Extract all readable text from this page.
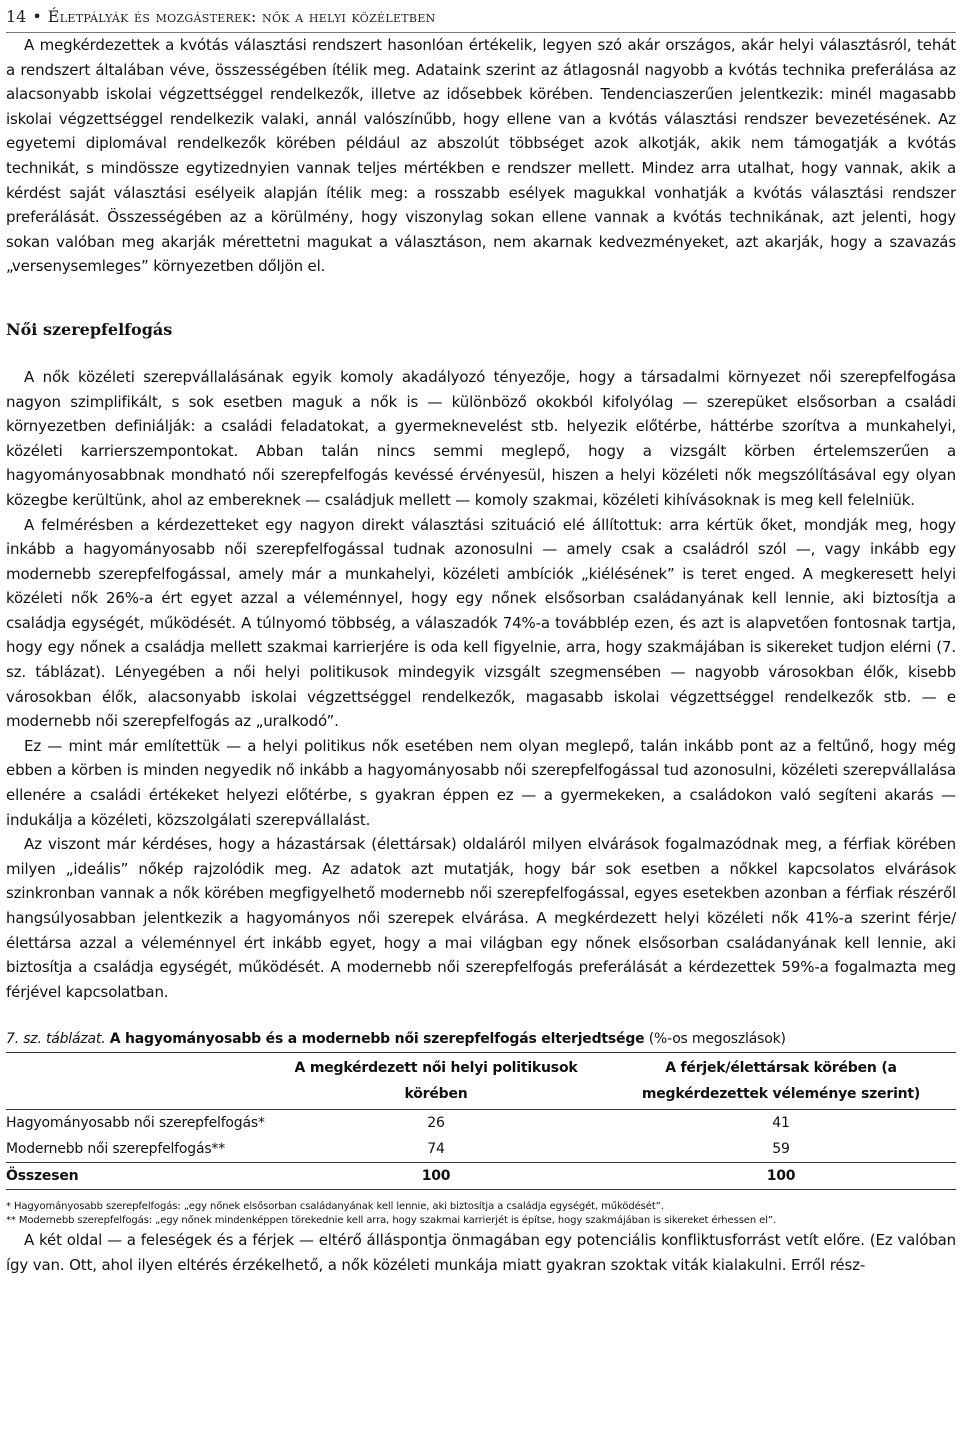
14 • Életpályák és mozgásterek: nők a helyi közéletben

A megkérdezettek a kvótás választási rendszert hasonlóan értékelik, legyen szó akár országos, akár helyi választásról, tehát a rendszert általában véve, összességében ítélik meg. Adataink szerint az átlagosnál nagyobb a kvótás technika preferálása az alacsonyabb iskolai végzettséggel rendelkezők, illetve az idősebbek körében. Tendenciaszerűen jelentkezik: minél magasabb iskolai végzettséggel rendelkezik valaki, annál valószínűbb, hogy ellene van a kvótás választási rendszer bevezetésének. Az egyetemi diplomával rendelkezők körében például az abszolút többséget azok alkotják, akik nem támogatják a kvótás technikát, s mindössze egytizednyien vannak teljes mértékben e rendszer mellett. Mindez arra utalhat, hogy vannak, akik a kérdést saját választási esélyeik alapján ítélik meg: a rosszabb esélyek magukkal vonhatják a kvótás választási rendszer preferálását. Összességében az a körülmény, hogy viszonylag sokan ellene vannak a kvótás technikának, azt jelenti, hogy sokan valóban meg akarják mérettetni magukat a választáson, nem akarnak kedvezményeket, azt akarják, hogy a szavazás „versenysemleges” környezetben dőljön el.

Női szerepfelfogás

A nők közéleti szerepvállalásának egyik komoly akadályozó tényezője, hogy a társadalmi környezet női szerepfelfogása nagyon szimplifikált, s sok esetben maguk a nők is — különböző okokból kifolyólag — szerepüket elsősorban a családi környezetben definiálják: a családi feladatokat, a gyermeknevelést stb. helyezik előtérbe, háttérbe szorítva a munkahelyi, közéleti karrierszempontokat. Abban talán nincs semmi meglepő, hogy a vizsgált körben értelemszerűen a hagyományosabbnak mondható női szerepfelfogás kevéssé érvényesül, hiszen a helyi közéleti nők megszólításával egy olyan közegbe kerültünk, ahol az embereknek — családjuk mellett — komoly szakmai, közéleti kihívásoknak is meg kell felelniük.

A felmérésben a kérdezetteket egy nagyon direkt választási szituáció elé állítottuk: arra kértük őket, mondják meg, hogy inkább a hagyományosabb női szerepfelfogással tudnak azonosulni — amely csak a családról szól —, vagy inkább egy modernebb szerepfelfogással, amely már a munkahelyi, közéleti ambíciók „kiélésének” is teret enged. A megkeresett helyi közéleti nők 26%-a ért egyet azzal a véleménnyel, hogy egy nőnek elsősorban családanyának kell lennie, aki biztosítja a családja egységét, működését. A túlnyomó többség, a válaszadók 74%-a továbblép ezen, és azt is alapvetően fontosnak tartja, hogy egy nőnek a családja mellett szakmai karrierjére is oda kell figyelnie, arra, hogy szakmájában is sikereket tudjon elérni (7. sz. táblázat). Lényegében a női helyi politikusok mindegyik vizsgált szegmensében — nagyobb városokban élők, kisebb városokban élők, alacsonyabb iskolai végzettséggel rendelkezők, magasabb iskolai végzettséggel rendelkezők stb. — e modernebb női szerepfelfogás az „uralkodó”.

Ez — mint már említettük — a helyi politikus nők esetében nem olyan meglepő, talán inkább pont az a feltűnő, hogy még ebben a körben is minden negyedik nő inkább a hagyományosabb női szerepfelfogással tud azonosulni, közéleti szerepvállalása ellenére a családi értékeket helyezi előtérbe, s gyakran éppen ez — a gyermekeken, a családokon való segíteni akarás — indukálja a közéleti, közszolgálati szerepvállalást.

Az viszont már kérdéses, hogy a házastársak (élettársak) oldaláról milyen elvárások fogalmazódnak meg, a férfiak körében milyen „ideális” nőkép rajzolódik meg. Az adatok azt mutatják, hogy bár sok esetben a nőkkel kapcsolatos elvárások szinkronban vannak a nők körében megfigyelhető modernebb női szerepfelfogással, egyes esetekben azonban a férfiak részéről hangsúlyosabban jelentkezik a hagyományos női szerepek elvárása. A megkérdezett helyi közéleti nők 41%-a szerint férje/élettársa azzal a véleménnyel ért inkább egyet, hogy a mai világban egy nőnek elsősorban családanyának kell lennie, aki biztosítja a családja egységét, működését. A modernebb női szerepfelfogás preferálását a kérdezettek 59%-a fogalmazta meg férjével kapcsolatban.

7. sz. táblázat. A hagyományosabb és a modernebb női szerepfelfogás elterjedtsége (%-os megoszlások)
	A megkérdezett női helyi politikusok körében	A férjek/élettársak körében (a megkérdezettek véleménye szerint)
Hagyományosabb női szerepfelfogás*	26	41
Modernebb női szerepfelfogás**	74	59
Összesen	100	100
* Hagyományosabb szerepfelfogás: „egy nőnek elsősorban családanyának kell lennie, aki biztosítja a családja egységét, működését”.
** Modernebb szerepfelfogás: „egy nőnek mindenképpen törekednie kell arra, hogy szakmai karrierjét is építse, hogy szakmájában is sikereket érhessen el”.

A két oldal — a feleségek és a férjek — eltérő álláspontja önmagában egy potenciális konfliktusforrást vetít előre. (Ez valóban így van. Ott, ahol ilyen eltérés érzékelhető, a nők közéleti munkája miatt gyakran szoktak viták kialakulni. Erről rész-
